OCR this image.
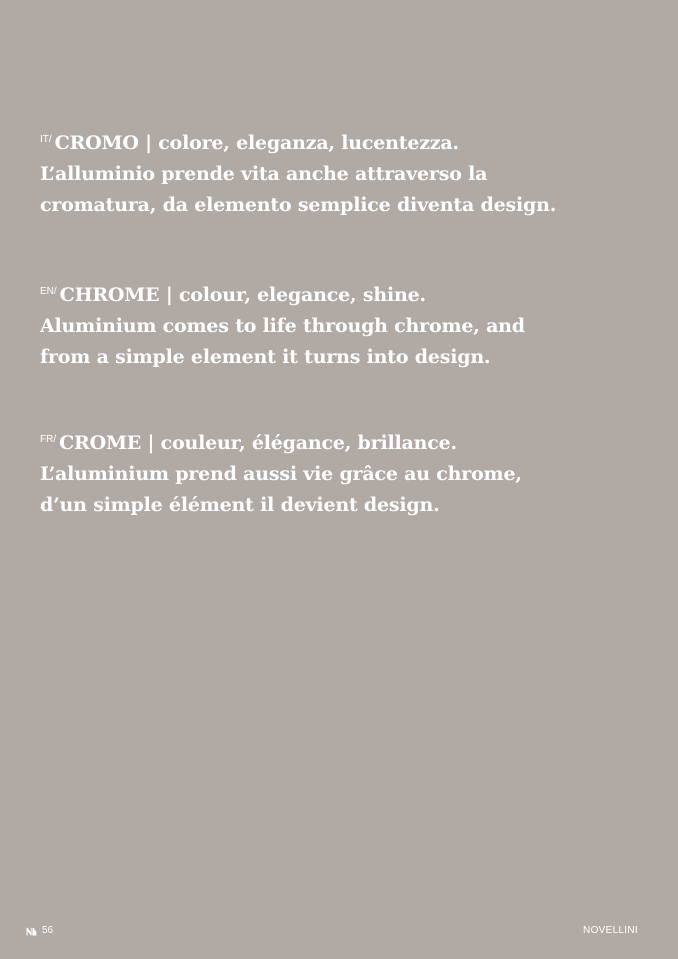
$^{IT/}$ CROMO | colore, eleganza, lucentezza.
L’alluminio prende vita anche attraverso la
cromatura, da elemento semplice diventa design.
$^{EN/}$ CHROME | colour, elegance, shine.
Aluminium comes to life through chrome, and
from a simple element it turns into design.
$^{FR/}$ CROME | couleur, élégance, brillance.
L’aluminium prend aussi vie grâce au chrome,
d’un simple élément il devient design.
56	NOVELLINI
